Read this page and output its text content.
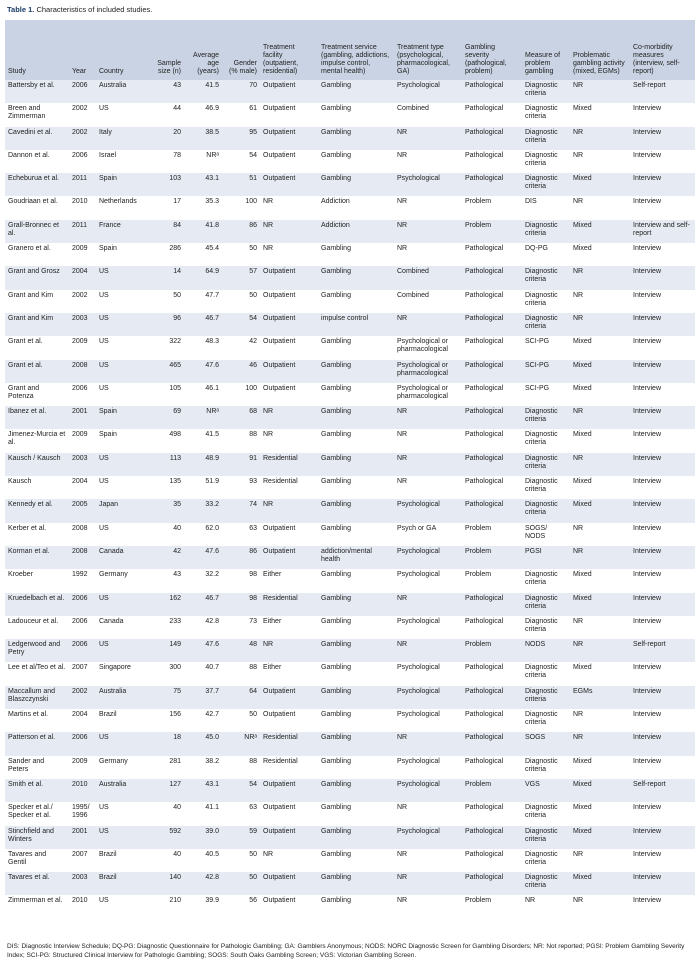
Table 1. Characteristics of included studies.
Study	Year	Country	Sample size (n)	Average age (years)	Gender (% male)	Treatment facility (outpatient, residential)	Treatment service (gambling, addictions, impulse control, mental health)	Treatment type (psychological, pharmacological, GA)	Gambling severity (pathological, problem)	Measure of problem gambling	Problematic gambling activity (mixed, EGMs)	Co-morbidity measures (interview, self-report)
Battersby et al.	2006	Australia	43	41.5	70	Outpatient	Gambling	Psychological	Pathological	Diagnostic criteria	NR	Self-report
Breen and Zimmerman	2002	US	44	46.9	61	Outpatient	Gambling	Combined	Pathological	Diagnostic criteria	Mixed	Interview
Cavedini et al.	2002	Italy	20	38.5	95	Outpatient	Gambling	NR	Pathological	Diagnostic criteria	NR	Interview
Dannon et al.	2006	Israel	78	NRᵃ	54	Outpatient	Gambling	NR	Pathological	Diagnostic criteria	NR	Interview
Echeburua et al.	2011	Spain	103	43.1	51	Outpatient	Gambling	Psychological	Pathological	Diagnostic criteria	Mixed	Interview
Goudriaan et al.	2010	Netherlands	17	35.3	100	NR	Addiction	NR	Problem	DIS	NR	Interview
Grall-Bronnec et al.	2011	France	84	41.8	86	NR	Addiction	NR	Problem	Diagnostic criteria	Mixed	Interview and self-report
Granero et al.	2009	Spain	286	45.4	50	NR	Gambling	NR	Pathological	DQ-PG	Mixed	Interview
Grant and Grosz	2004	US	14	64.9	57	Outpatient	Gambling	Combined	Pathological	Diagnostic criteria	NR	Interview
Grant and Kim	2002	US	50	47.7	50	Outpatient	Gambling	Combined	Pathological	Diagnostic criteria	NR	Interview
Grant and Kim	2003	US	96	46.7	54	Outpatient	impulse control	NR	Pathological	Diagnostic criteria	NR	Interview
Grant et al.	2009	US	322	48.3	42	Outpatient	Gambling	Psychological or pharmacological	Pathological	SCI-PG	Mixed	Interview
Grant et al.	2008	US	465	47.6	46	Outpatient	Gambling	Psychological or pharmacological	Pathological	SCI-PG	Mixed	Interview
Grant and Potenza	2006	US	105	46.1	100	Outpatient	Gambling	Psychological or pharmacological	Pathological	SCI-PG	Mixed	Interview
Ibanez et al.	2001	Spain	69	NRᵃ	68	NR	Gambling	NR	Pathological	Diagnostic criteria	NR	Interview
Jimenez-Murcia et al.	2009	Spain	498	41.5	88	NR	Gambling	NR	Pathological	Diagnostic criteria	Mixed	Interview
Kausch / Kausch	2003	US	113	48.9	91	Residential	Gambling	NR	Pathological	Diagnostic criteria	NR	Interview
Kausch	2004	US	135	51.9	93	Residential	Gambling	NR	Pathological	Diagnostic criteria	Mixed	Interview
Kennedy et al.	2005	Japan	35	33.2	74	NR	Gambling	Psychological	Pathological	Diagnostic criteria	Mixed	Interview
Kerber et al.	2008	US	40	62.0	63	Outpatient	Gambling	Psych or GA	Problem	SOGS/ NODS	NR	Interview
Korman et al.	2008	Canada	42	47.6	86	Outpatient	addiction/mental health	Psychological	Problem	PGSI	NR	Interview
Kroeber	1992	Germany	43	32.2	98	Either	Gambling	Psychological	Problem	Diagnostic criteria	Mixed	Interview
Kruedelbach et al.	2006	US	162	46.7	98	Residential	Gambling	NR	Pathological	Diagnostic criteria	Mixed	Interview
Ladouceur et al.	2006	Canada	233	42.8	73	Either	Gambling	Psychological	Pathological	Diagnostic criteria	NR	Interview
Ledgerwood and Petry	2006	US	149	47.6	48	NR	Gambling	NR	Problem	NODS	NR	Self-report
Lee et al/Teo et al.	2007	Singapore	300	40.7	88	Either	Gambling	Psychological	Pathological	Diagnostic criteria	Mixed	Interview
Maccallum and Blaszczynski	2002	Australia	75	37.7	64	Outpatient	Gambling	Psychological	Pathological	Diagnostic criteria	EGMs	Interview
Martins et al.	2004	Brazil	156	42.7	50	Outpatient	Gambling	Psychological	Pathological	Diagnostic criteria	NR	Interview
Patterson et al.	2006	US	18	45.0	NRᵃ	Residential	Gambling	NR	Pathological	SOGS	NR	Interview
Sander and Peters	2009	Germany	281	38.2	88	Residential	Gambling	Psychological	Pathological	Diagnostic criteria	Mixed	Interview
Smith et al.	2010	Australia	127	43.1	54	Outpatient	Gambling	Psychological	Problem	VGS	Mixed	Self-report
Specker et al./ Specker et al.	1995/ 1996	US	40	41.1	63	Outpatient	Gambling	NR	Pathological	Diagnostic criteria	Mixed	Interview
Stinchfield and Winters	2001	US	592	39.0	59	Outpatient	Gambling	Psychological	Pathological	Diagnostic criteria	Mixed	Interview
Tavares and Gentil	2007	Brazil	40	40.5	50	NR	Gambling	NR	Pathological	Diagnostic criteria	NR	Interview
Tavares et al.	2003	Brazil	140	42.8	50	Outpatient	Gambling	NR	Pathological	Diagnostic criteria	Mixed	Interview
Zimmerman et al.	2010	US	210	39.9	56	Outpatient	Gambling	NR	Problem	NR	NR	Interview
DIS: Diagnostic Interview Schedule; DQ-PG: Diagnostic Questionnaire for Pathologic Gambling; GA: Gamblers Anonymous; NODS: NORC Diagnostic Screen for Gambling Disorders; NR: Not reported; PGSI: Problem Gambling Severity Index; SCI-PG: Structured Clinical Interview for Pathologic Gambling; SOGS: South Oaks Gambling Screen; VGS: Victorian Gambling Screen.
